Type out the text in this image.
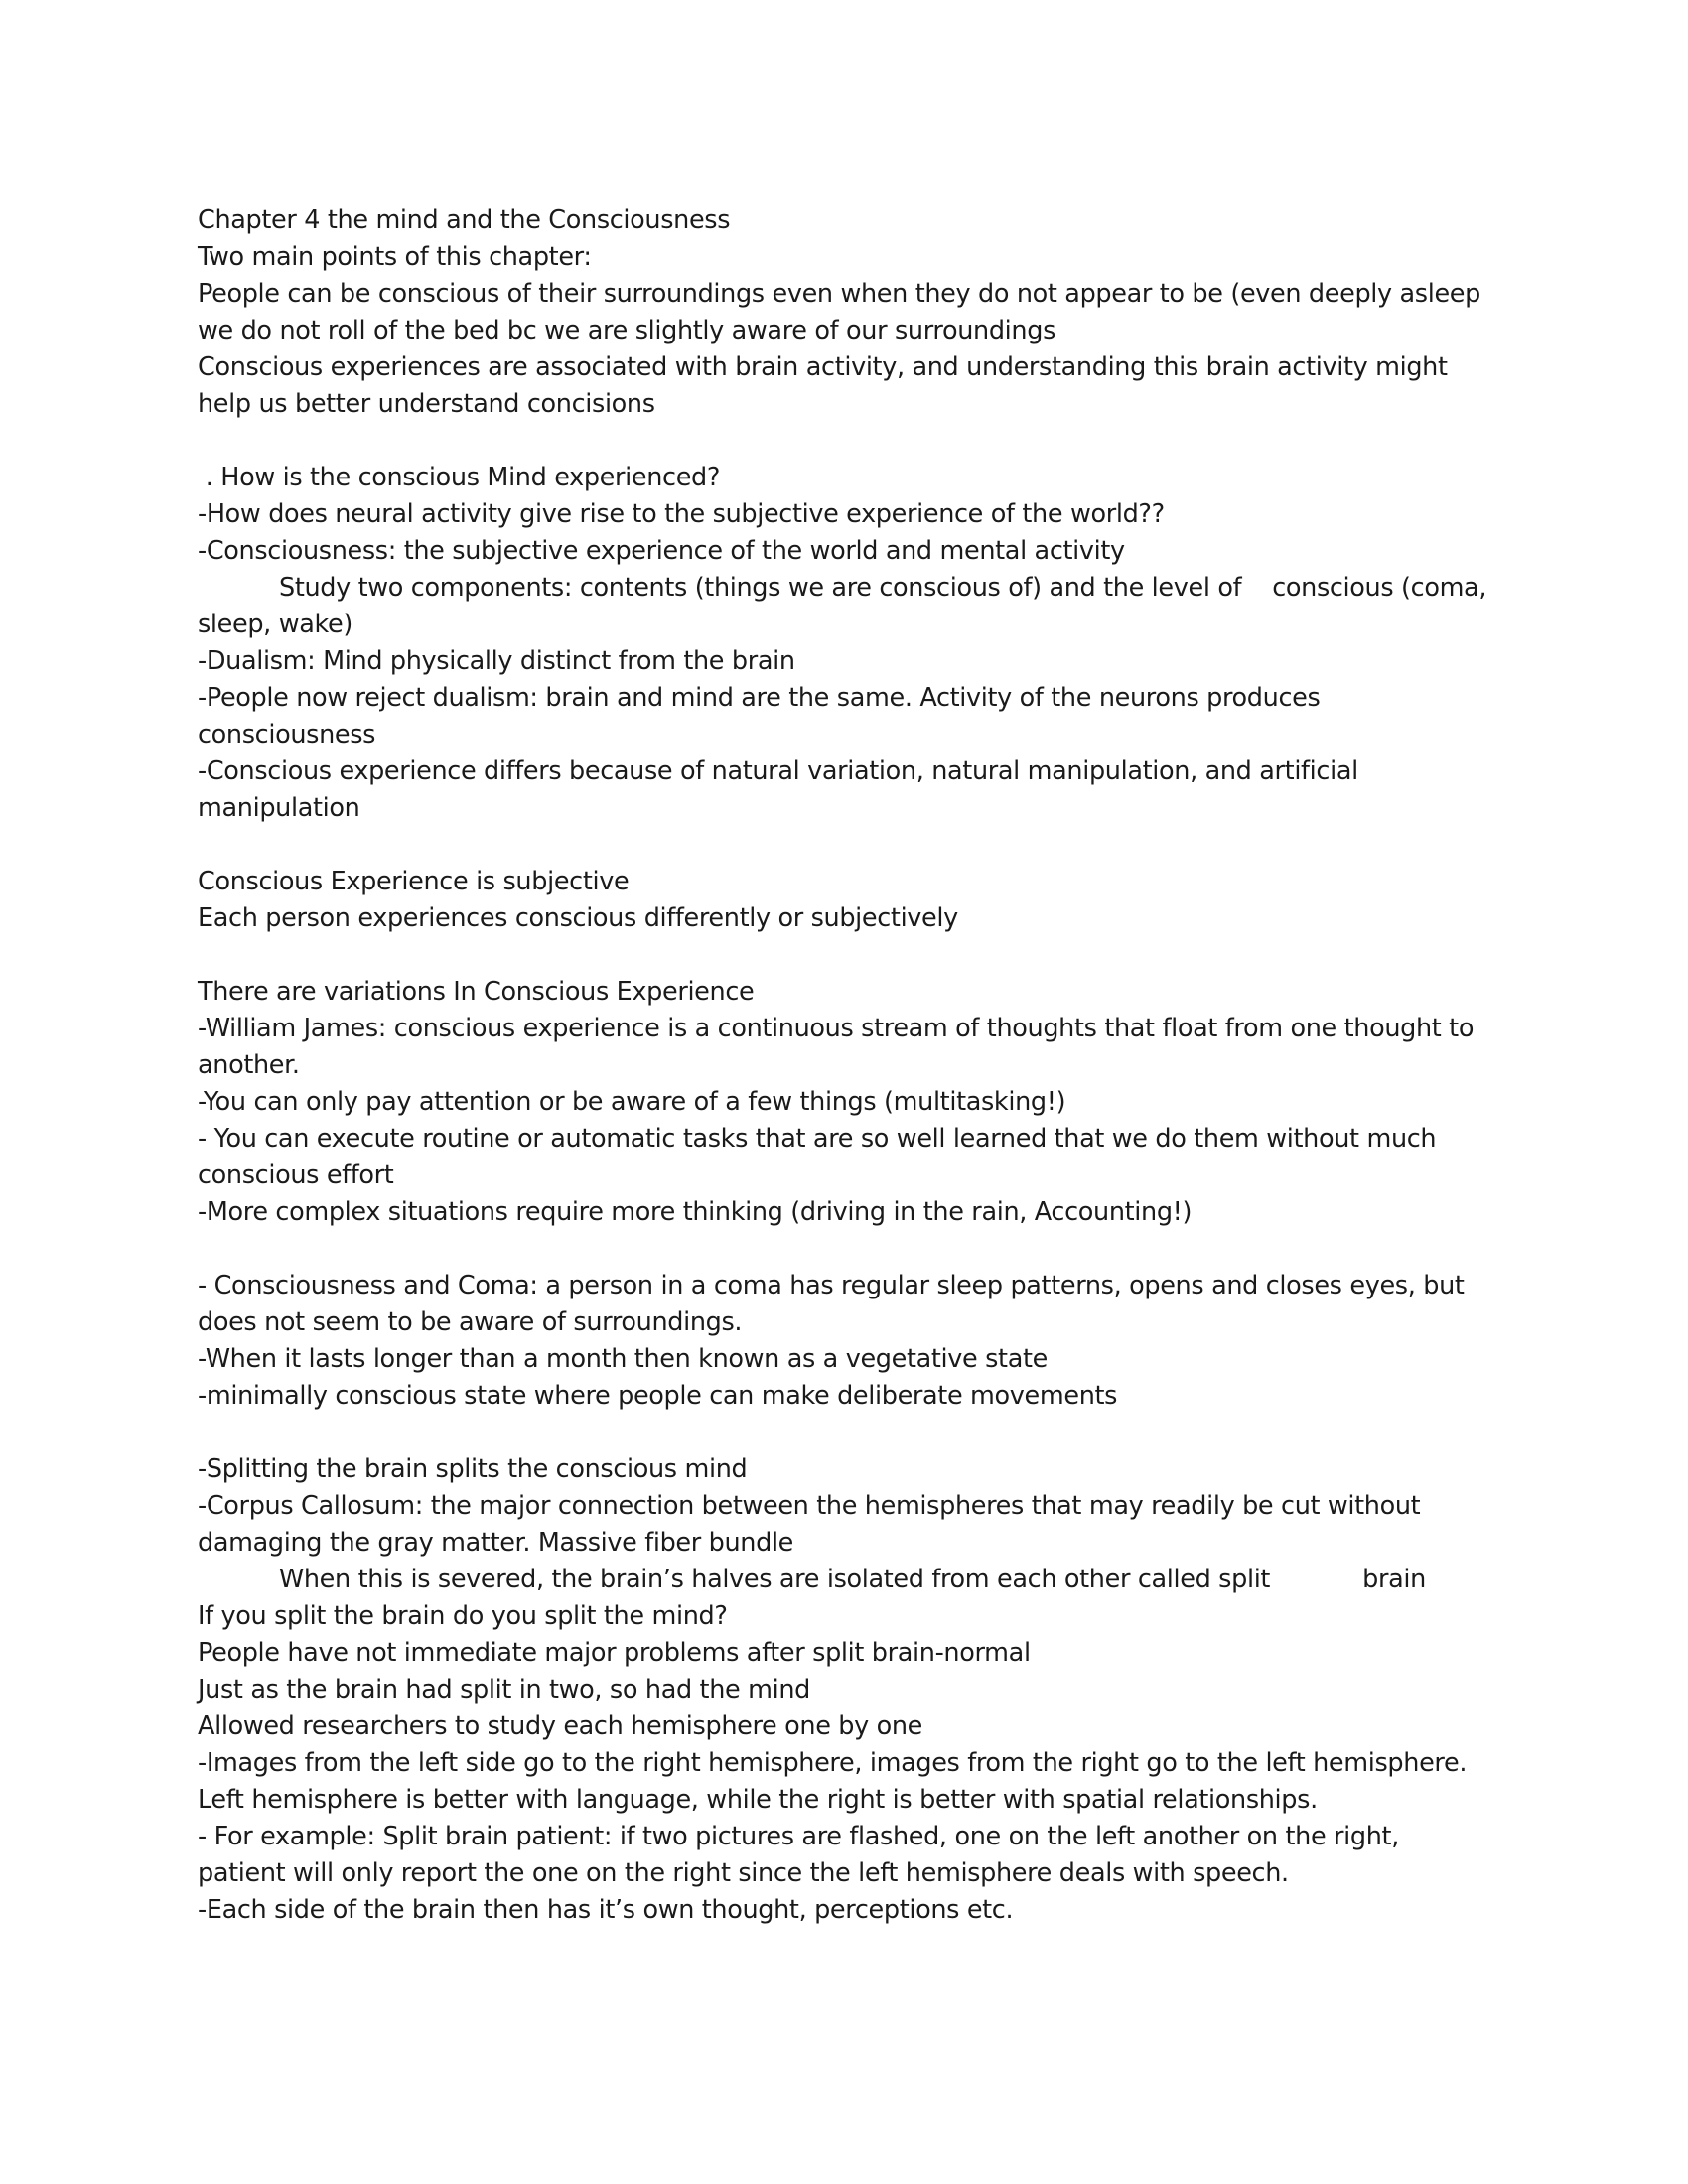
Chapter 4 the mind and the Consciousness
Two main points of this chapter:
People can be conscious of their surroundings even when they do not appear to be (even deeply asleep
we do not roll of the bed bc we are slightly aware of our surroundings
Conscious experiences are associated with brain activity, and understanding this brain activity might
help us better understand concisions
. How is the conscious Mind experienced?
-How does neural activity give rise to the subjective experience of the world??
-Consciousness: the subjective experience of the world and mental activity
Study two components: contents (things we are conscious of) and the level of    conscious (coma,
sleep, wake)
-Dualism: Mind physically distinct from the brain
-People now reject dualism: brain and mind are the same. Activity of the neurons produces
consciousness
-Conscious experience differs because of natural variation, natural manipulation, and artificial
manipulation
Conscious Experience is subjective
Each person experiences conscious differently or subjectively
There are variations In Conscious Experience
-William James: conscious experience is a continuous stream of thoughts that float from one thought to
another.
-You can only pay attention or be aware of a few things (multitasking!)
- You can execute routine or automatic tasks that are so well learned that we do them without much
conscious effort
-More complex situations require more thinking (driving in the rain, Accounting!)
- Consciousness and Coma: a person in a coma has regular sleep patterns, opens and closes eyes, but
does not seem to be aware of surroundings.
-When it lasts longer than a month then known as a vegetative state
-minimally conscious state where people can make deliberate movements
-Splitting the brain splits the conscious mind
-Corpus Callosum: the major connection between the hemispheres that may readily be cut without
damaging the gray matter. Massive fiber bundle
When this is severed, the brain’s halves are isolated from each other called split            brain
If you split the brain do you split the mind?
People have not immediate major problems after split brain-normal
Just as the brain had split in two, so had the mind
Allowed researchers to study each hemisphere one by one
-Images from the left side go to the right hemisphere, images from the right go to the left hemisphere.
Left hemisphere is better with language, while the right is better with spatial relationships.
- For example: Split brain patient: if two pictures are flashed, one on the left another on the right,
patient will only report the one on the right since the left hemisphere deals with speech.
-Each side of the brain then has it’s own thought, perceptions etc.
